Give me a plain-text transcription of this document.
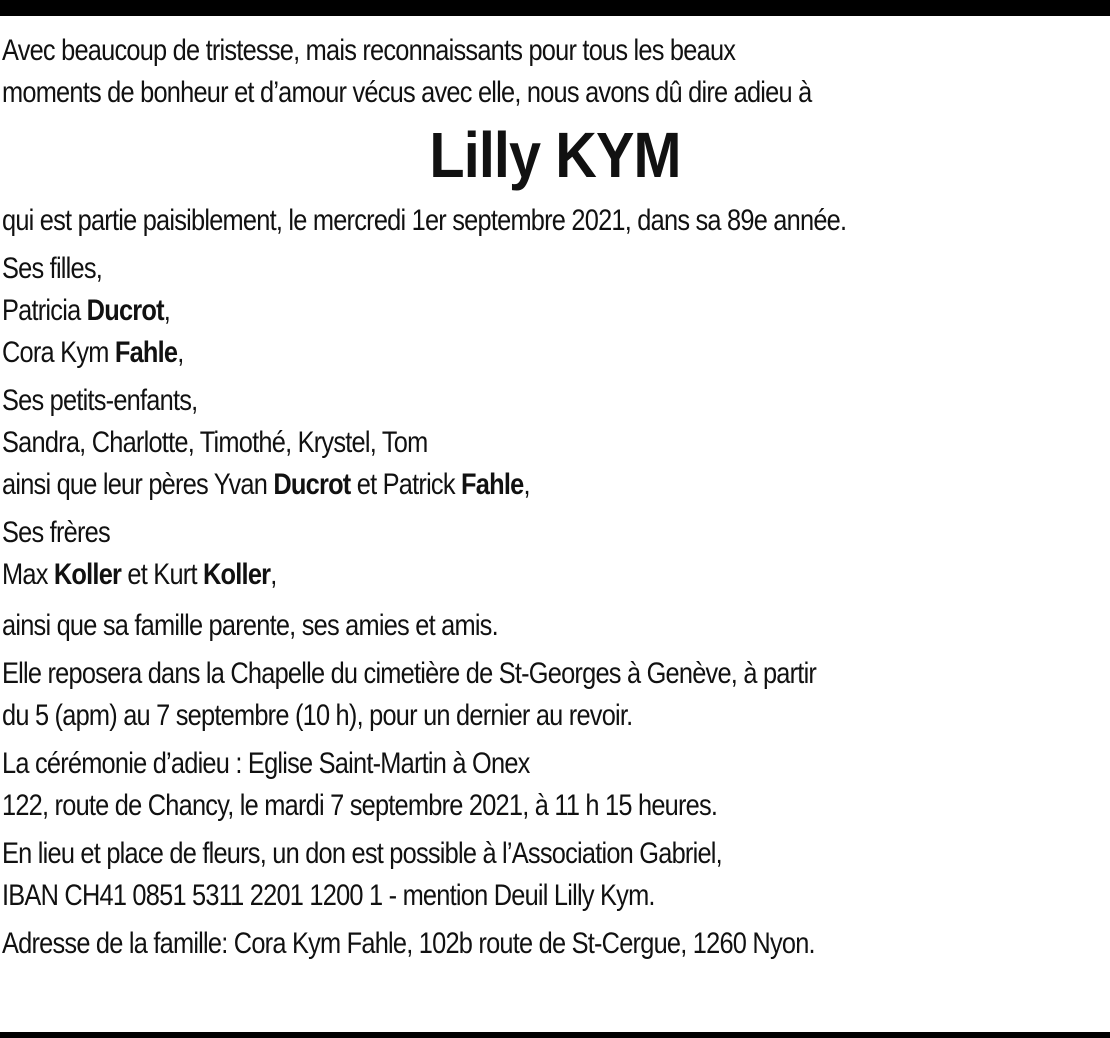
Avec beaucoup de tristesse, mais reconnaissants pour tous les beaux
moments de bonheur et d’amour vécus avec elle, nous avons dû dire adieu à
Lilly KYM
qui est partie paisiblement, le mercredi 1er septembre 2021, dans sa 89e année.
Ses filles,
Patricia Ducrot,
Cora Kym Fahle,
Ses petits-enfants,
Sandra, Charlotte, Timothé, Krystel, Tom
ainsi que leur pères Yvan Ducrot et Patrick Fahle,
Ses frères
Max Koller et Kurt Koller,
ainsi que sa famille parente, ses amies et amis.
Elle reposera dans la Chapelle du cimetière de St-Georges à Genève, à partir
du 5 (apm) au 7 septembre (10 h), pour un dernier au revoir.
La cérémonie d’adieu : Eglise Saint-Martin à Onex
122, route de Chancy, le mardi 7 septembre 2021, à 11 h 15 heures.
En lieu et place de fleurs, un don est possible à l’Association Gabriel,
IBAN CH41 0851 5311 2201 1200 1 - mention Deuil Lilly Kym.
Adresse de la famille: Cora Kym Fahle, 102b route de St-Cergue, 1260 Nyon.
